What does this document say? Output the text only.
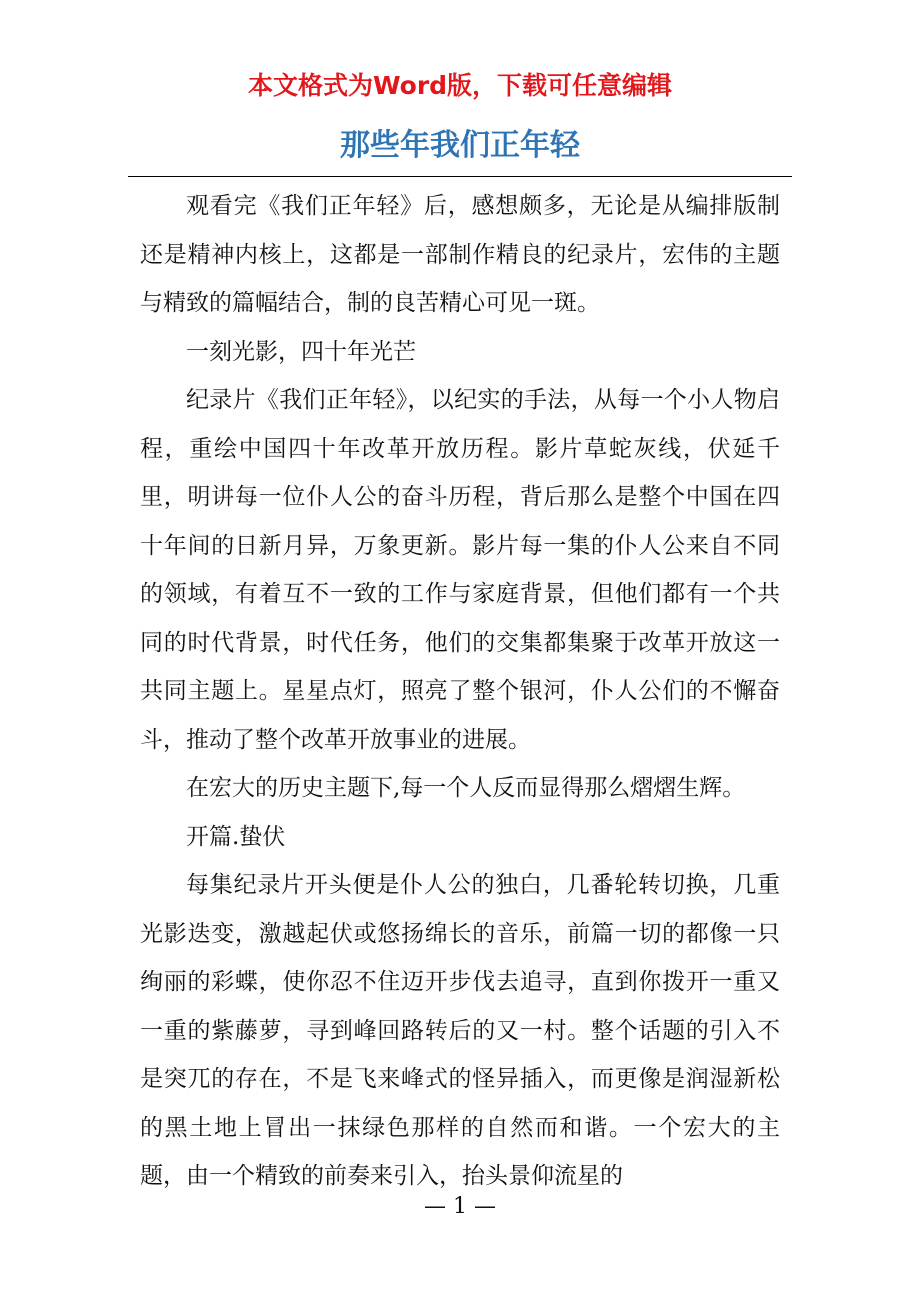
本文格式为Word版，下载可任意编辑
那些年我们正年轻

观看完《我们正年轻》后，感想颇多，无论是从编排版制还是精神内核上，这都是一部制作精良的纪录片，宏伟的主题与精致的篇幅结合，制的良苦精心可见一斑。

一刻光影，四十年光芒

纪录片《我们正年轻》，以纪实的手法，从每一个小人物启程，重绘中国四十年改革开放历程。影片草蛇灰线，伏延千里，明讲每一位仆人公的奋斗历程，背后那么是整个中国在四十年间的日新月异，万象更新。影片每一集的仆人公来自不同的领域，有着互不一致的工作与家庭背景，但他们都有一个共同的时代背景，时代任务，他们的交集都集聚于改革开放这一共同主题上。星星点灯，照亮了整个银河，仆人公们的不懈奋斗，推动了整个改革开放事业的进展。

在宏大的历史主题下,每一个人反而显得那么熠熠生辉。

开篇.蛰伏

每集纪录片开头便是仆人公的独白，几番轮转切换，几重光影迭变，激越起伏或悠扬绵长的音乐，前篇一切的都像一只绚丽的彩蝶，使你忍不住迈开步伐去追寻，直到你拨开一重又一重的紫藤萝，寻到峰回路转后的又一村。整个话题的引入不是突兀的存在，不是飞来峰式的怪异插入，而更像是润湿新松的黑土地上冒出一抹绿色那样的自然而和谐。一个宏大的主题，由一个精致的前奏来引入，抬头景仰流星的

— 1 —
